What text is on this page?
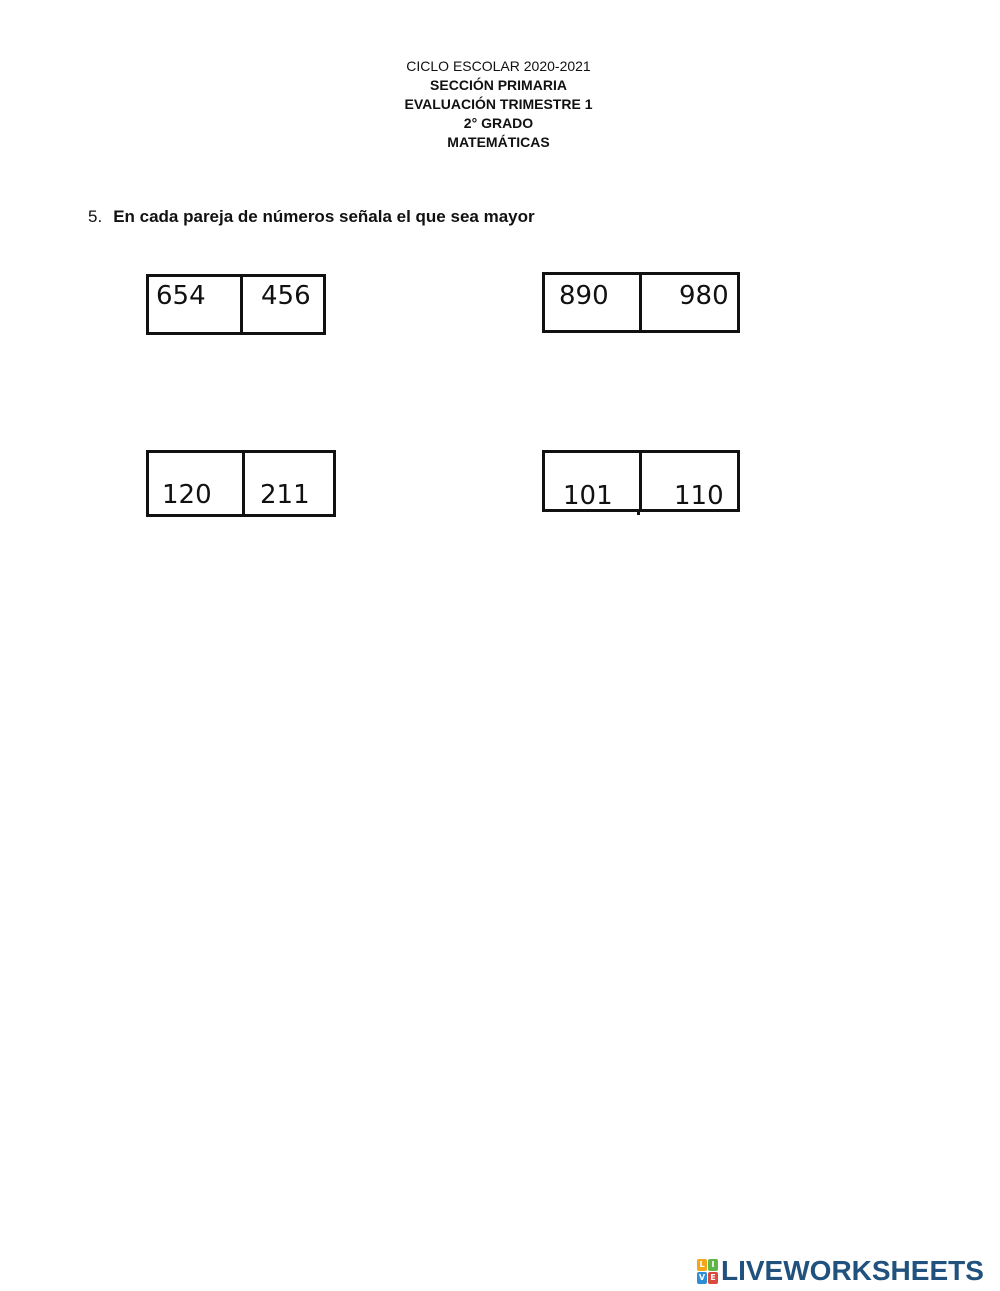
CICLO ESCOLAR 2020-2021
SECCIÓN PRIMARIA
EVALUACIÓN TRIMESTRE 1
2° GRADO
MATEMÁTICAS
5. En cada pareja de números señala el que sea mayor
654 456	890	980
120 211	101 110
L I
V E LIVEWORKSHEETS
